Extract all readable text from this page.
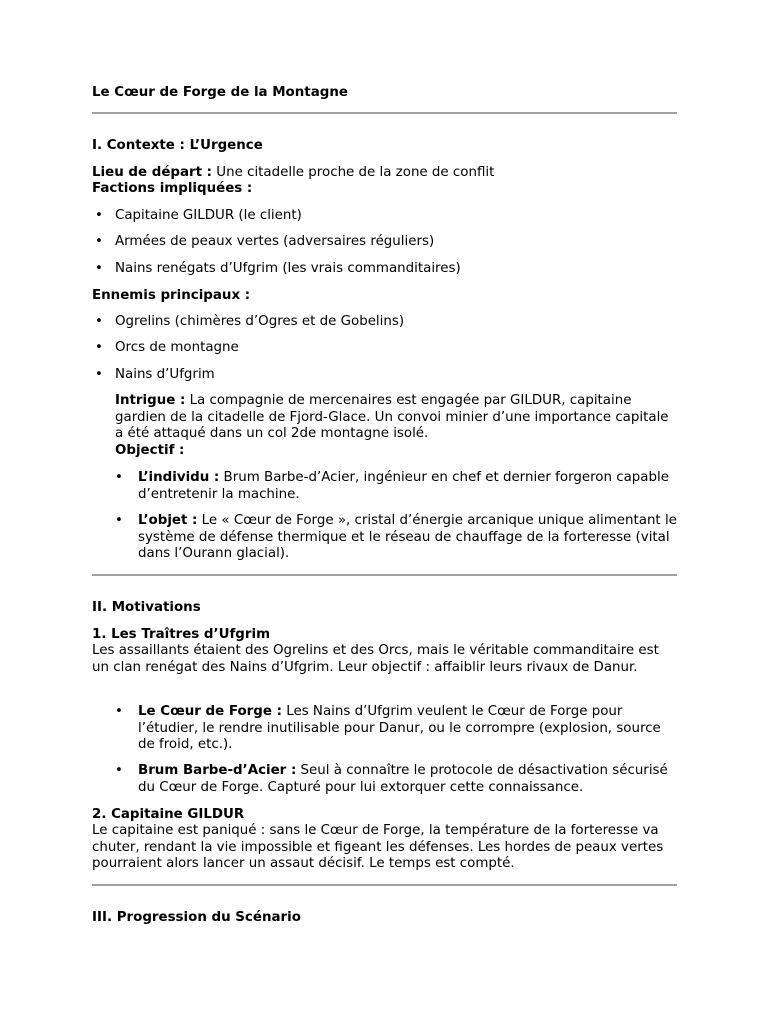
Le Cœur de Forge de la Montagne
I. Contexte : L’Urgence
Lieu de départ : Une citadelle proche de la zone de conflit
Factions impliquées :
• Capitaine GILDUR (le client)
• Armées de peaux vertes (adversaires réguliers)
• Nains renégats d’Ufgrim (les vrais commanditaires)
Ennemis principaux :
• Ogrelins (chimères d’Ogres et de Gobelins)
• Orcs de montagne
• Nains d’Ufgrim
Intrigue : La compagnie de mercenaires est engagée par GILDUR, capitaine gardien de la citadelle de Fjord-Glace. Un convoi minier d’une importance capitale a été attaqué dans un col 2de montagne isolé.
Objectif :
• L’individu : Brum Barbe-d’Acier, ingénieur en chef et dernier forgeron capable d’entretenir la machine.
• L’objet : Le « Cœur de Forge », cristal d’énergie arcanique unique alimentant le système de défense thermique et le réseau de chauffage de la forteresse (vital dans l’Ourann glacial).
II. Motivations
1. Les Traîtres d’Ufgrim
Les assaillants étaient des Ogrelins et des Orcs, mais le véritable commanditaire est un clan renégat des Nains d’Ufgrim. Leur objectif : affaiblir leurs rivaux de Danur.
• Le Cœur de Forge : Les Nains d’Ufgrim veulent le Cœur de Forge pour l’étudier, le rendre inutilisable pour Danur, ou le corrompre (explosion, source de froid, etc.).
• Brum Barbe-d’Acier : Seul à connaître le protocole de désactivation sécurisé du Cœur de Forge. Capturé pour lui extorquer cette connaissance.
2. Capitaine GILDUR
Le capitaine est paniqué : sans le Cœur de Forge, la température de la forteresse va chuter, rendant la vie impossible et figeant les défenses. Les hordes de peaux vertes pourraient alors lancer un assaut décisif. Le temps est compté.
III. Progression du Scénario
